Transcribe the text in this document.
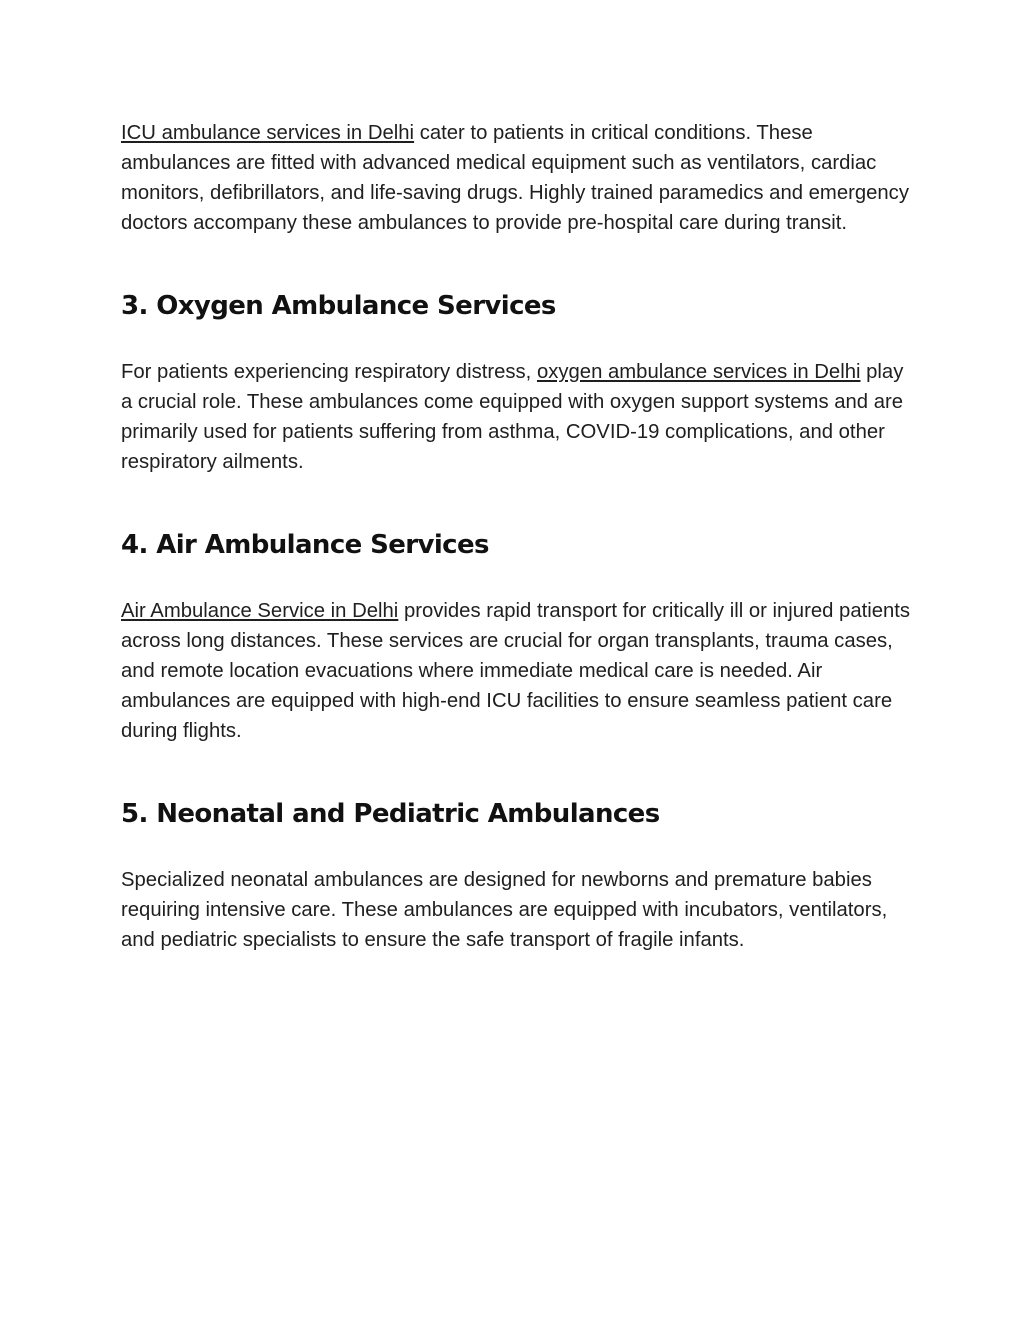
ICU ambulance services in Delhi cater to patients in critical conditions. These ambulances are fitted with advanced medical equipment such as ventilators, cardiac monitors, defibrillators, and life-saving drugs. Highly trained paramedics and emergency doctors accompany these ambulances to provide pre-hospital care during transit.

3. Oxygen Ambulance Services

For patients experiencing respiratory distress, oxygen ambulance services in Delhi play a crucial role. These ambulances come equipped with oxygen support systems and are primarily used for patients suffering from asthma, COVID-19 complications, and other respiratory ailments.

4. Air Ambulance Services

Air Ambulance Service in Delhi provides rapid transport for critically ill or injured patients across long distances. These services are crucial for organ transplants, trauma cases, and remote location evacuations where immediate medical care is needed. Air ambulances are equipped with high-end ICU facilities to ensure seamless patient care during flights.

5. Neonatal and Pediatric Ambulances

Specialized neonatal ambulances are designed for newborns and premature babies requiring intensive care. These ambulances are equipped with incubators, ventilators, and pediatric specialists to ensure the safe transport of fragile infants.
